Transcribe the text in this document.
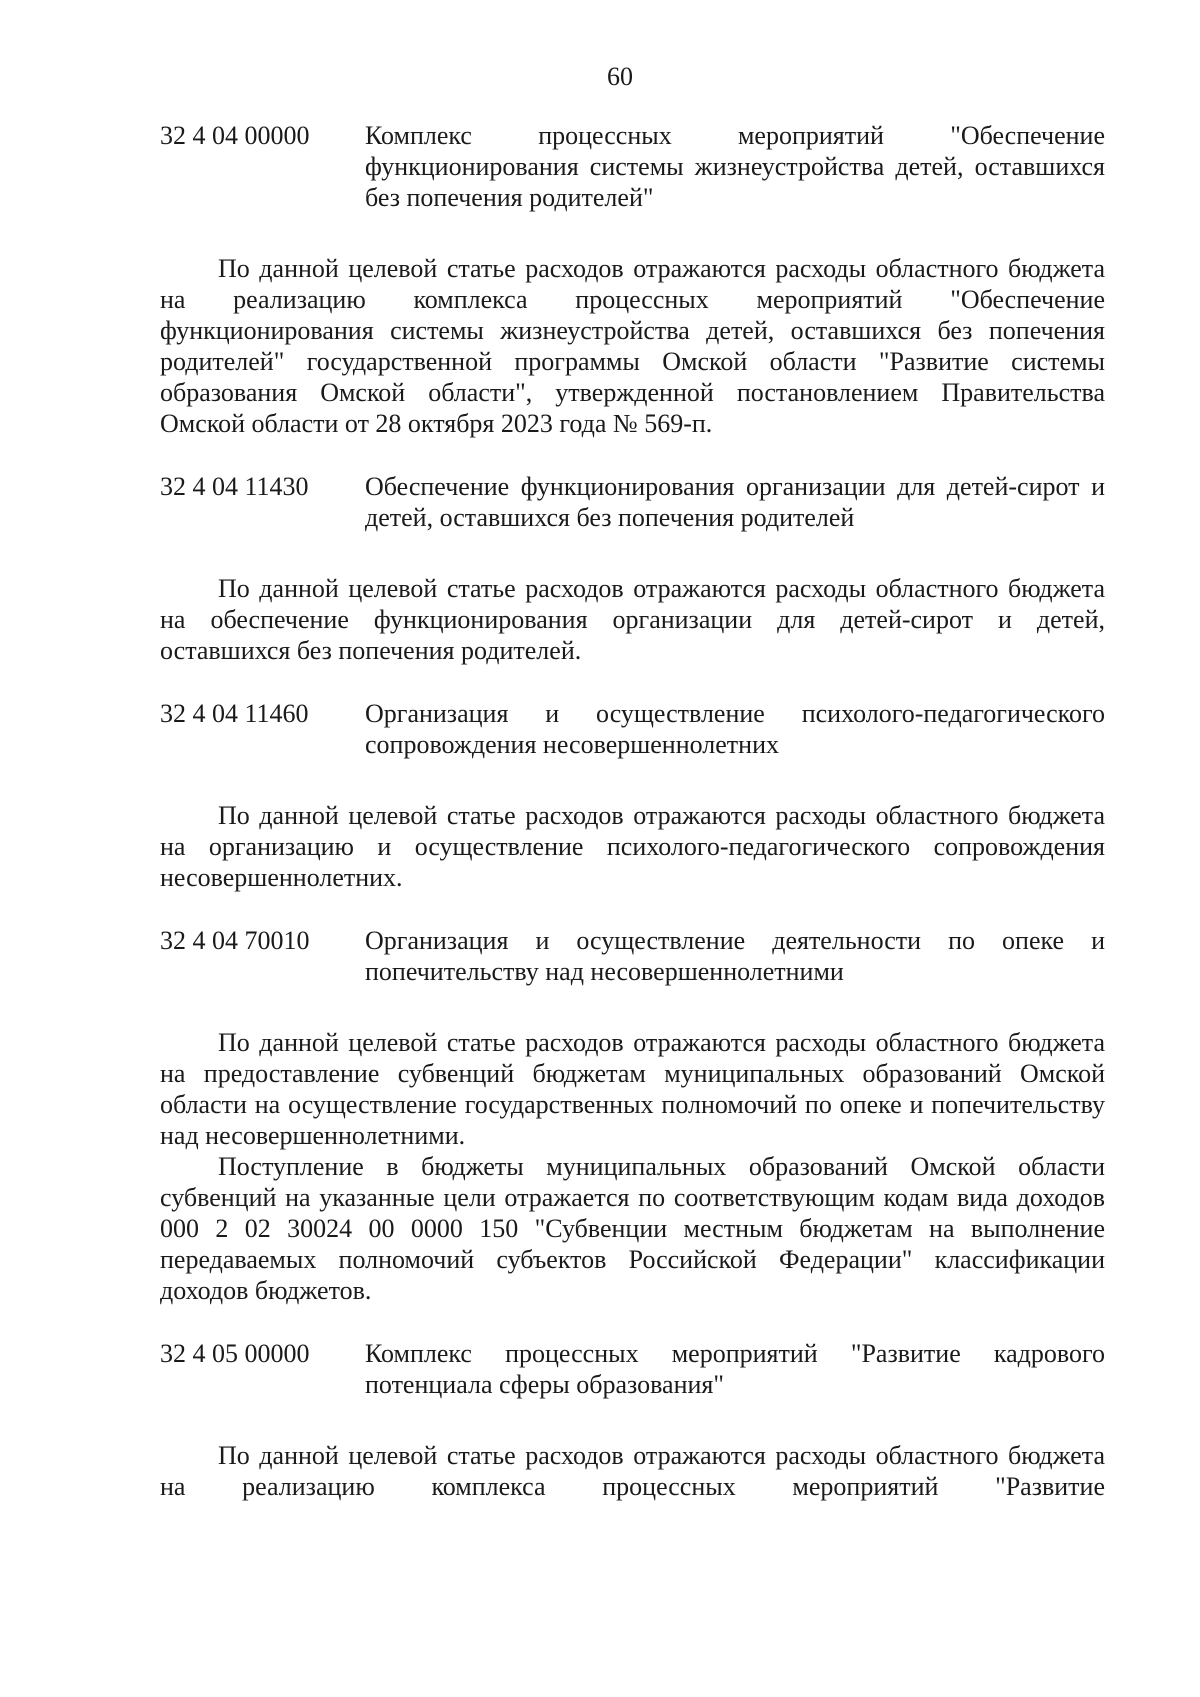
60
32 4 04 00000	Комплекс процессных мероприятий "Обеспечение функционирования системы жизнеустройства детей, оставшихся без попечения родителей"

По данной целевой статье расходов отражаются расходы областного бюджета на реализацию комплекса процессных мероприятий "Обеспечение функционирования системы жизнеустройства детей, оставшихся без попечения родителей" государственной программы Омской области "Развитие системы образования Омской области", утвержденной постановлением Правительства Омской области от 28 октября 2023 года № 569-п.

32 4 04 11430	Обеспечение функционирования организации для детей-сирот и детей, оставшихся без попечения родителей

По данной целевой статье расходов отражаются расходы областного бюджета на обеспечение функционирования организации для детей-сирот и детей, оставшихся без попечения родителей.

32 4 04 11460	Организация и осуществление психолого-педагогического сопровождения несовершеннолетних

По данной целевой статье расходов отражаются расходы областного бюджета на организацию и осуществление психолого-педагогического сопровождения несовершеннолетних.

32 4 04 70010	Организация и осуществление деятельности по опеке и попечительству над несовершеннолетними

По данной целевой статье расходов отражаются расходы областного бюджета на предоставление субвенций бюджетам муниципальных образований Омской области на осуществление государственных полномочий по опеке и попечительству над несовершеннолетними.

Поступление в бюджеты муниципальных образований Омской области субвенций на указанные цели отражается по соответствующим кодам вида доходов 000 2 02 30024 00 0000 150 "Субвенции местным бюджетам на выполнение передаваемых полномочий субъектов Российской Федерации" классификации доходов бюджетов.

32 4 05 00000	Комплекс процессных мероприятий "Развитие кадрового потенциала сферы образования"

По данной целевой статье расходов отражаются расходы областного бюджета на реализацию комплекса процессных мероприятий "Развитие
